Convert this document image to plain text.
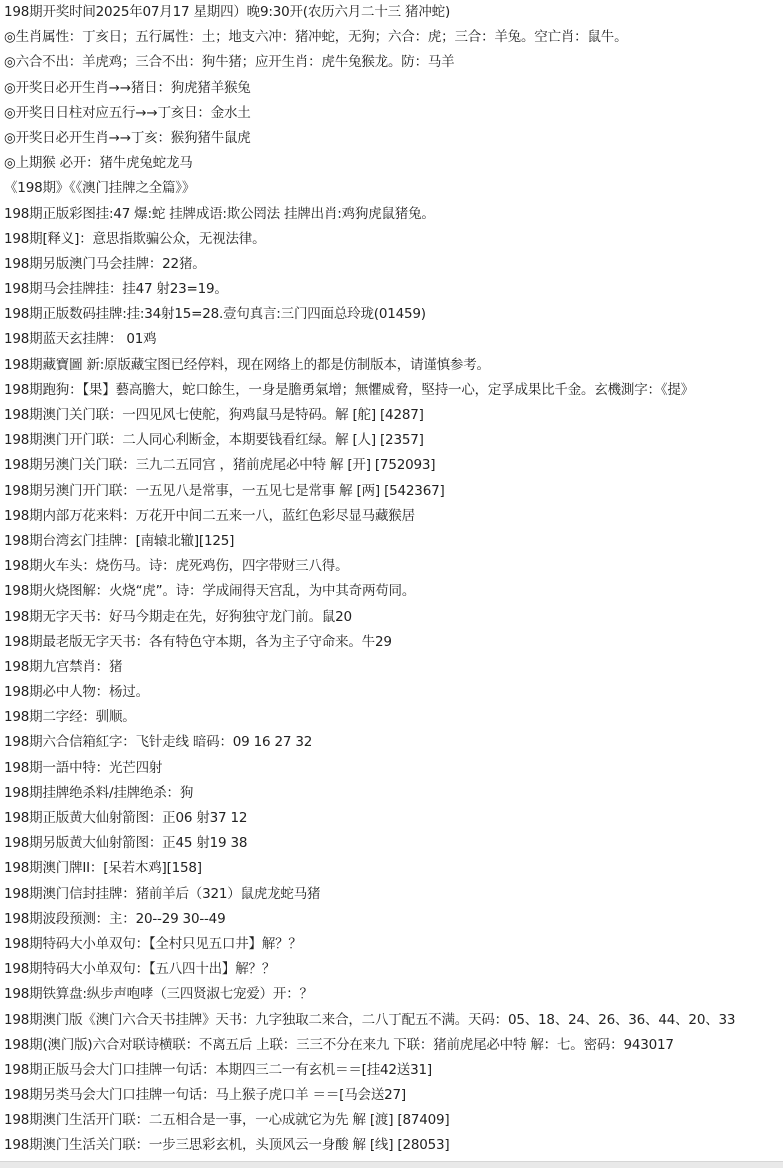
198期开奖时间2025年07月17 星期四）晚9:30开(农历六月二十三 猪冲蛇)
◎生肖属性：丁亥日；五行属性：土；地支六冲：猪冲蛇，无狗；六合：虎；三合：羊兔。空亡肖：鼠牛。
◎六合不出：羊虎鸡；三合不出：狗牛猪；应开生肖：虎牛兔猴龙。防：马羊
◎开奖日必开生肖→→猪日：狗虎猪羊猴兔
◎开奖日日柱对应五行→→丁亥日：金水土
◎开奖日必开生肖→→丁亥：猴狗猪牛鼠虎
◎上期猴 必开：猪牛虎兔蛇龙马
《198期》《《澳门挂牌之全篇》》
198期正版彩图挂:47 爆:蛇 挂牌成语:欺公罔法 挂牌出肖:鸡狗虎鼠猪兔。
198期[释义]：意思指欺骗公众，无视法律。
198期另版澳门马会挂牌：22猪。
198期马会挂牌挂：挂47 射23=19。
198期正版数码挂牌:挂:34射15=28.壹句真言:三门四面总玲珑(01459)
198期蓝天玄挂牌： 01鸡
198期藏寶圖 新:原版藏宝图已经停料，现在网络上的都是仿制版本，请谨慎参考。
198期跑狗：【果】藝高膽大，蛇口餘生，一身是膽勇氣增；無懼威脅，堅持一心，定孚成果比千金。玄機測字：《提》
198期澳门关门联：一四见风七使舵，狗鸡鼠马是特码。解 [舵] [4287]
198期澳门开门联：二人同心利断金，本期要钱看红绿。解 [人] [2357]
198期另澳门关门联：三九二五同宫 ，猪前虎尾必中特 解 [开] [752093]
198期另澳门开门联：一五见八是常事，一五见七是常事 解 [两] [542367]
198期内部万花来料：万花开中间二五来一八，蓝红色彩尽显马藏猴居
198期台湾玄门挂牌：[南辕北辙][125]
198期火车头：烧伤马。诗：虎死鸡伤，四字带财三八得。
198期火烧图解：火烧“虎”。诗：学成闹得天宫乱，为中其奇两苟同。
198期无字天书：好马今期走在先，好狗独守龙门前。鼠20
198期最老版无字天书：各有特色守本期，各为主子守命来。牛29
198期九宫禁肖：猪
198期必中人物：杨过。
198期二字经：驯顺。
198期六合信箱紅字：飞针走线 暗码：09 16 27 32
198期一語中特：光芒四射
198期挂牌绝杀料/挂牌绝杀：狗
198期正版黄大仙射箭图：正06 射37 12
198期另版黄大仙射箭图：正45 射19 38
198期澳门牌II：[呆若木鸡][158]
198期澳门信封挂牌：猪前羊后（321）鼠虎龙蛇马猪
198期波段预测：主：20--29 30--49
198期特码大小单双句：【全村只见五口井】解？？
198期特码大小单双句：【五八四十出】解？？
198期铁算盘:纵步声咆哮（三四贤淑七宠爱）开：？
198期澳门版《澳门六合天书挂牌》天书：九字独取二来合，二八丁配五不满。天码：05、18、24、26、36、44、20、33
198期(澳门版)六合对联诗横联：不离五后 上联：三三不分在来九 下联：猪前虎尾必中特 解：七。密码：943017
198期正版马会大门口挂牌一句话：本期四三二一有玄机＝＝[挂42送31]
198期另类马会大门口挂牌一句话：马上猴子虎口羊 ＝＝[马会送27]
198期澳门生活开门联：二五相合是一事，一心成就它为先 解 [渡] [87409]
198期澳门生活关门联：一步三思彩玄机，头顶风云一身酸 解 [线] [28053]
